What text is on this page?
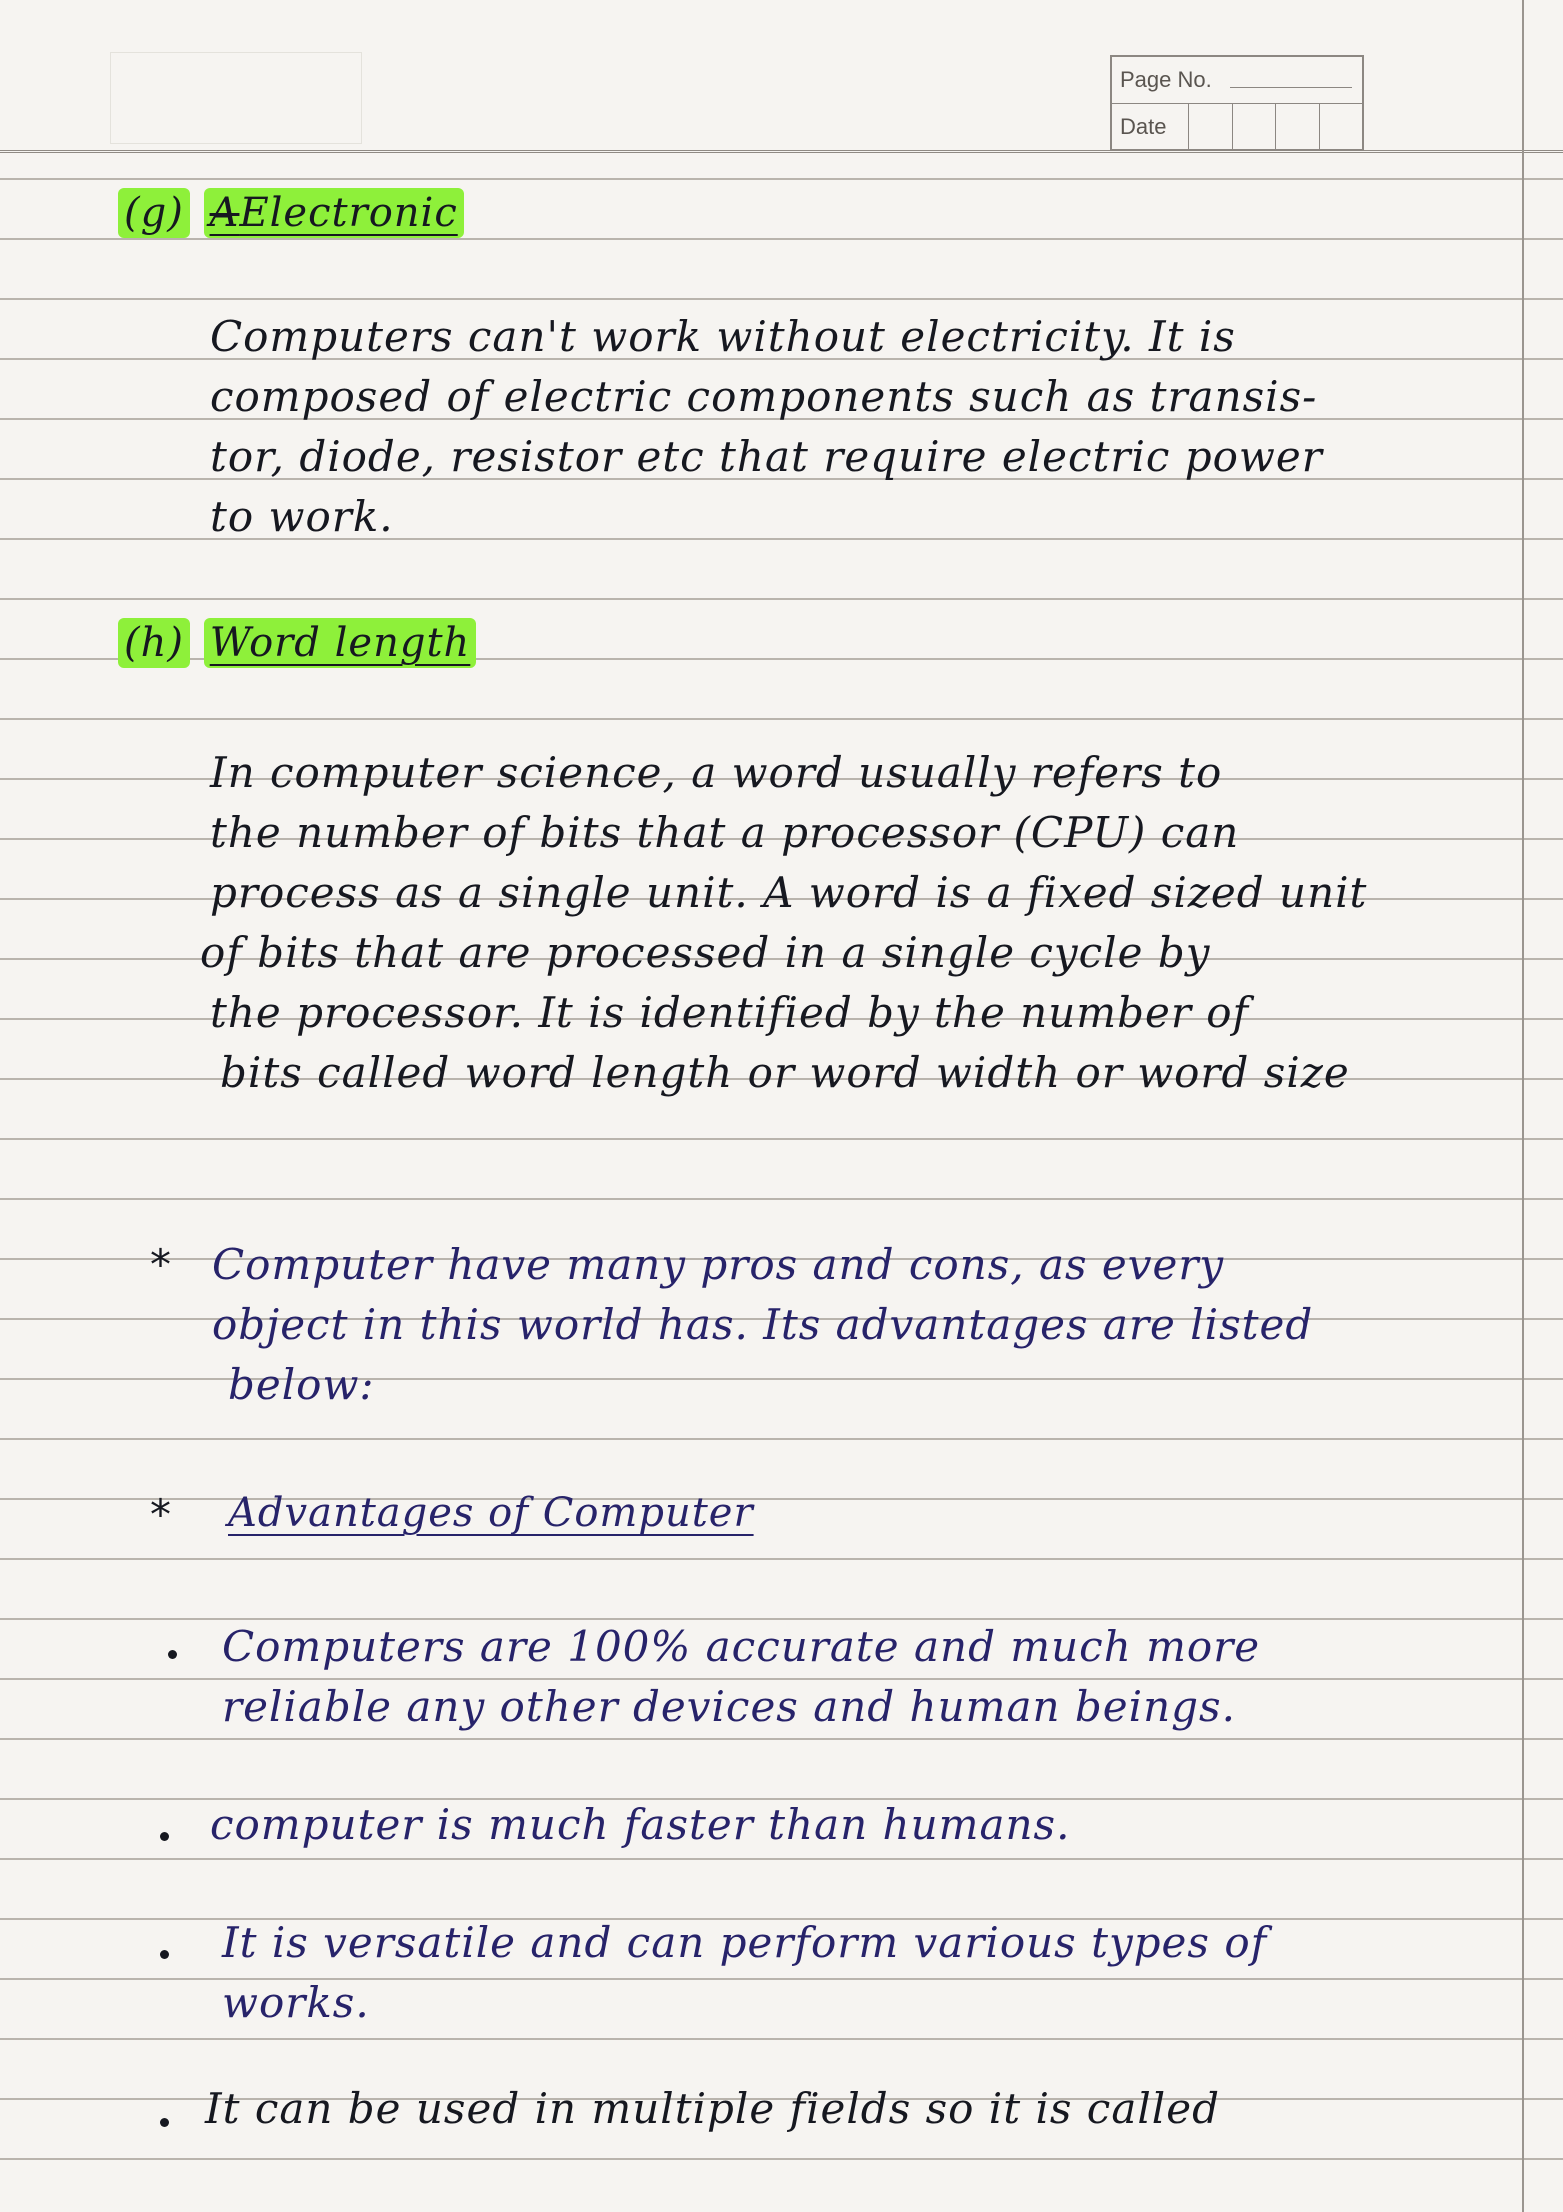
Page No.
Date
(g) AElectronic
Computers can't work without electricity. It is
composed of electric components such as transis-
tor, diode, resistor etc that require electric power
to work.
(h) Word length
In computer science, a word usually refers to
the number of bits that a processor (CPU) can
process as a single unit. A word is a fixed sized unit
of bits that are processed in a single cycle by
the processor. It is identified by the number of
bits called word length or word width or word size
* Computer have many pros and cons, as every
object in this world has. Its advantages are listed
below:
* Advantages of Computer
Computers are 100% accurate and much more
reliable any other devices and human beings.
computer is much faster than humans.
It is versatile and can perform various types of
works.
It can be used in multiple fields so it is called
